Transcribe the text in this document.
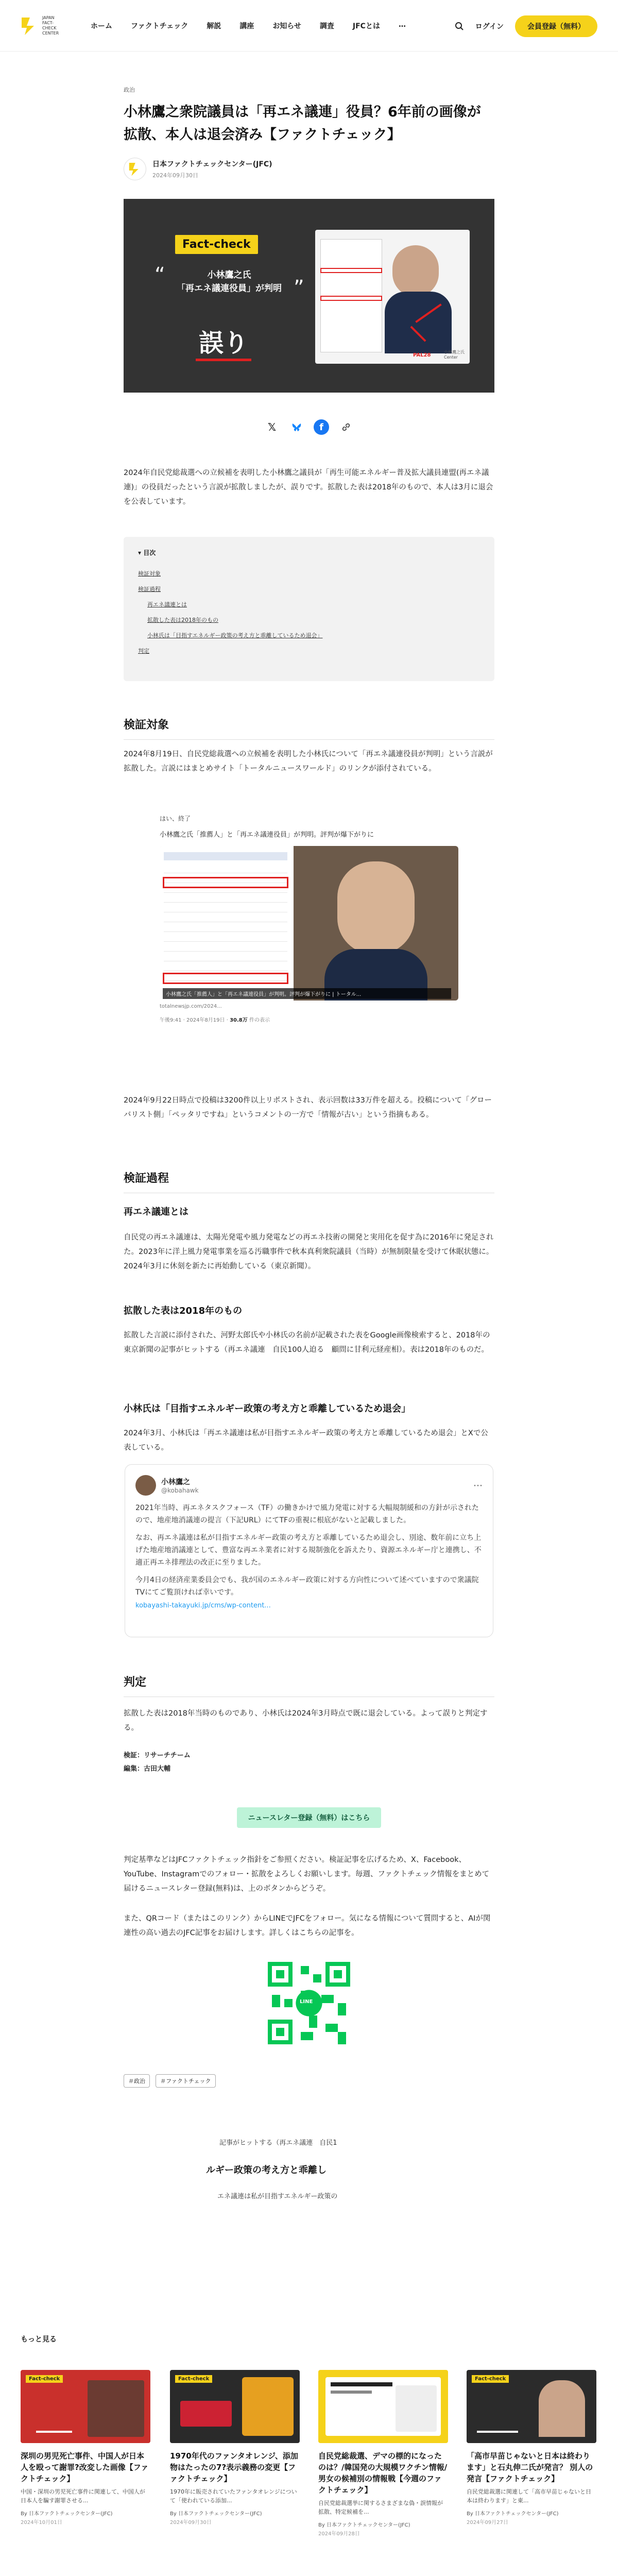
JAPAN FACT-CHECK CENTER
ホーム	ファクトチェック	解説	講座	お知らせ	調査	JFCとは	…	ログイン	会員登録（無料）
政治
小林鷹之衆院議員は「再エネ議連」役員？6年前の画像が拡散、本人は退会済み【ファクトチェック】
日本ファクトチェックセンター(JFC)
2024年09月30日
Fact-check
“	小林鷹之氏
「再エネ議連役員」が判明 ”
誤り	PAL28
小林鷹之氏
Center
𝕏	f

2024年自民党総裁選への立候補を表明した小林鷹之議員が「再生可能エネルギー普及拡大議員連盟(再エネ議連)」の役員だったという言説が拡散しましたが、誤りです。拡散した表は2018年のもので、本人は3月に退会を公表しています。

▾ 目次
検証対象
検証過程
再エネ議連とは
拡散した表は2018年のもの
小林氏は「目指すエネルギー政策の考え方と乖離しているため退会」
判定
検証対象

2024年8月19日、自民党総裁選への立候補を表明した小林氏について「再エネ議連役員が判明」という言説が拡散した。言説にはまとめサイト「トータルニュースワールド」のリンクが添付されている。

はい、終了
小林鷹之氏「推薦人」と「再エネ議連役員」が判明。評判が爆下がりに
小林鷹之氏「推薦人」と「再エネ議連役員」が判明。評判が爆下がりに | トータル...
totalnewsjp.com/2024...
午後9:41 · 2024年8月19日 · 30.8万 件の表示

2024年9月22日時点で投稿は3200件以上リポストされ、表示回数は33万件を超える。投稿について「グローバリスト側」「ペッタリですね」というコメントの一方で「情報が古い」という指摘もある。

検証過程
再エネ議連とは

自民党の再エネ議連は、太陽光発電や風力発電などの再エネ技術の開発と実用化を促す為に2016年に発足された。2023年に洋上風力発電事業を巡る汚職事件で秋本真利衆院議員（当時）が無制限量を受けて休眠状態に。2024年3月に休刻を新たに再始動している（東京新聞）。

拡散した表は2018年のもの

拡散した言説に添付された、河野太郎氏や小林氏の名前が記載された表をGoogle画像検索すると、2018年の東京新聞の記事がヒットする（再エネ議連　自民100人迫る　顧問に甘利元経産相）。表は2018年のものだ。

小林氏は「目指すエネルギー政策の考え方と乖離しているため退会」

2024年3月、小林氏は「再エネ議連は私が目指すエネルギー政策の考え方と乖離しているため退会」とXで公表している。

小林鷹之
@kobahawk	⋯

2021年当時、再エネタスクフォース（TF）の働きかけで風力発電に対する大幅規制緩和の方針が示されたので、地産地消議連の提言（下記URL）にてTFの重視に根底がないと記載しました。

なお、再エネ議連は私が目指すエネルギー政策の考え方と乖離しているため退会し、別途、数年前に立ち上げた地産地消議連として、豊富な再エネ業者に対する規制強化を訴えたり、資源エネルギー庁と連携し、不適正再エネ排理法の改正に至りました。

今月4日の経済産業委員会でも、我が国のエネルギー政策に対する方向性について述べていますので衆議院TVにてご覧頂ければ幸いです。

kobayashi-takayuki.jp/cms/wp-content...

判定

拡散した表は2018年当時のものであり、小林氏は2024年3月時点で既に退会している。よって誤りと判定する。

検証：リサーチチーム
編集：古田大輔
ニュースレター登録（無料）はこちら

判定基準などはJFCファクトチェック指針をご参照ください。検証記事を広げるため、X、Facebook、YouTube、Instagramでのフォロー・拡散をよろしくお願いします。毎週、ファクトチェック情報をまとめて届けるニュースレター登録(無料)は、上のボタンからどうぞ。

また、QRコード（またはこのリンク）からLINEでJFCをフォロー。気になる情報について質問すると、AIが関連性の高い過去のJFC記事をお届けします。詳しくはこちらの記事を。

LINE
＃政治	＃ファクトチェック
記事がヒットする（再エネ議連　自民1
ルギー政策の考え方と乖離し
エネ議連は私が目指すエネルギー政策の
もっと見る
Fact-check
深圳の男児死亡事件、中国人が日本人を殴って謝罪?改変した画像【ファクトチェック】
中国・深圳の男児死亡事件に関連して、中国人が日本人を騙す謝罪させる...
By 日本ファクトチェックセンター(JFC)
2024年10月01日
Fact-check
1970年代のファンタオレンジ、添加物はたったの7?表示義務の変更【ファクトチェック】
1970年に販売されていたファンタオレンジについて「使われている添加...
By 日本ファクトチェックセンター(JFC)
2024年09月30日
自民党総裁選、デマの標的になったのは？/韓国発の大規模ワクチン情報/男女の候補別の情報戦【今週のファクトチェック】
自民党総裁選挙に関するさまざまな偽・誤情報が拡散、特定候補を...
By 日本ファクトチェックセンター(JFC)
2024年09月28日
Fact-check
「高市早苗じゃないと日本は終わります」と石丸伸二氏が発言？ 別人の発言【ファクトチェック】
自民党総裁選に関連して「高市早苗じゃないと日本は終わります」と東...
By 日本ファクトチェックセンター(JFC)
2024年09月27日
